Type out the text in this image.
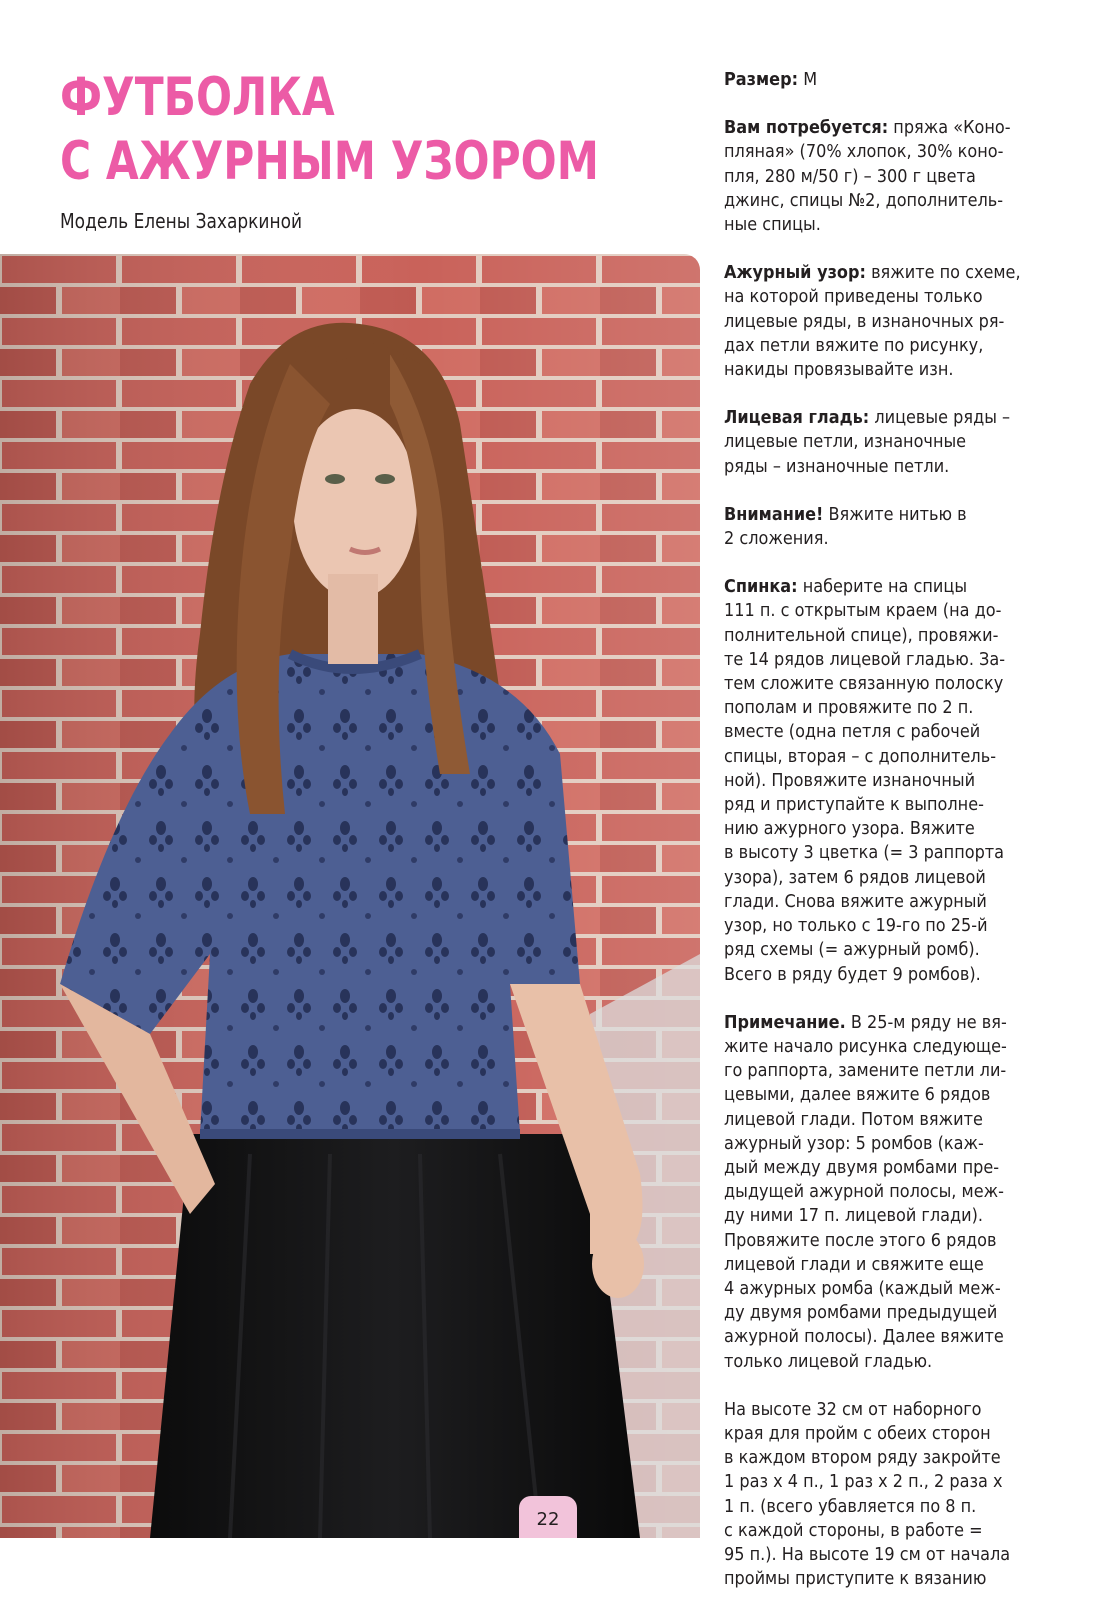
ФУТБОЛКА
С АЖУРНЫМ УЗОРОМ
Модель Елены Захаркиной

Размер: M

Вам потребуется: пряжа «Коно-
пляная» (70% хлопок, 30% коно-
пля, 280 м/50 г) – 300 г цвета
джинс, спицы №2, дополнитель-
ные спицы.

Ажурный узор: вяжите по схеме,
на которой приведены только
лицевые ряды, в изнаночных ря-
дах петли вяжите по рисунку,
накиды провязывайте изн.

Лицевая гладь: лицевые ряды –
лицевые петли, изнаночные
ряды – изнаночные петли.

Внимание! Вяжите нитью в
2 сложения.

Спинка: наберите на спицы
111 п. с открытым краем (на до-
полнительной спице), провяжи-
те 14 рядов лицевой гладью. За-
тем сложите связанную полоску
пополам и провяжите по 2 п.
вместе (одна петля с рабочей
спицы, вторая – с дополнитель-
ной). Провяжите изнаночный
ряд и приступайте к выполне-
нию ажурного узора. Вяжите
в высоту 3 цветка (= 3 раппорта
узора), затем 6 рядов лицевой
глади. Снова вяжите ажурный
узор, но только с 19-го по 25-й
ряд схемы (= ажурный ромб).
Всего в ряду будет 9 ромбов).

Примечание. В 25-м ряду не вя-
жите начало рисунка следующе-
го раппорта, замените петли ли-
цевыми, далее вяжите 6 рядов
лицевой глади. Потом вяжите
ажурный узор: 5 ромбов (каж-
дый между двумя ромбами пре-
дыдущей ажурной полосы, меж-
ду ними 17 п. лицевой глади).
Провяжите после этого 6 рядов
лицевой глади и свяжите еще
4 ажурных ромба (каждый меж-
ду двумя ромбами предыдущей
ажурной полосы). Далее вяжите
только лицевой гладью.

На высоте 32 см от наборного
края для пройм с обеих сторон
в каждом втором ряду закройте
1 раз х 4 п., 1 раз х 2 п., 2 раза х
1 п. (всего убавляется по 8 п.
с каждой стороны, в работе =
95 п.). На высоте 19 см от начала
проймы приступите к вязанию

22
